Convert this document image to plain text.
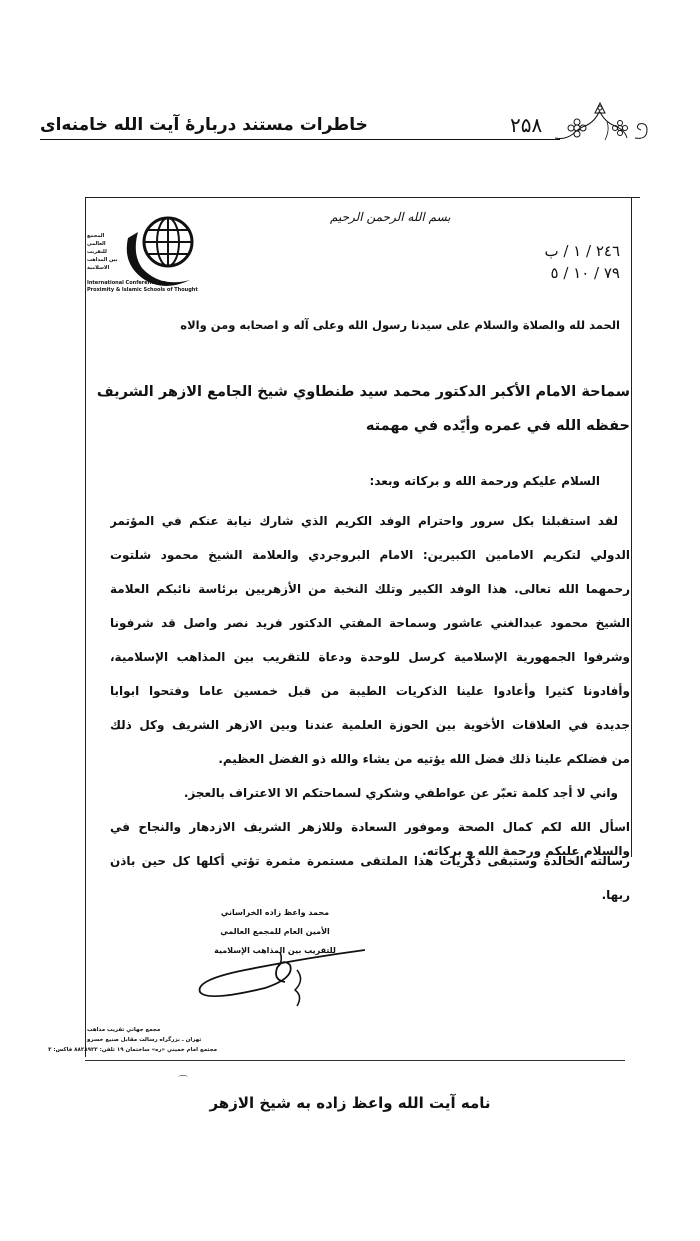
خاطرات مستند دربارهٔ آیت الله خامنه‌ای	۲۵۸
المجمع
العالمي
للتقريب
بين المذاهب
الاسلامية
International Conference on
Proximity & Islamic Schools of Thought
بسم الله الرحمن الرحيم
٢٤٦ / ١ / ب
٧٩ / ١٠ / ٥
الحمد لله والصلاة والسلام على سيدنا رسول الله وعلى آله و اصحابه ومن والاه
سماحة الامام الأكبر الدكتور محمد سيد طنطاوي شيخ الجامع الازهر الشريف
حفظه الله في عمره وأيّده في مهمته
السلام عليكم ورحمة الله و بركاته وبعد:
لقد استقبلنا بكل سرور واحترام الوفد الكريم الذي شارك نيابة عنكم في المؤتمر
الدولي لتكريم الامامين الكبيرين: الامام البروجردي والعلامة الشيخ محمود شلتوت
رحمهما الله تعالى. هذا الوفد الكبير وتلك النخبة من الأزهريين برئاسة نائبكم العلامة
الشيخ محمود عبدالغني عاشور وسماحة المفتي الدكتور فريد نصر واصل قد شرفونا
وشرفوا الجمهورية الإسلامية كرسل للوحدة ودعاة للتقريب بين المذاهب الإسلامية،
وأفادونا كثيرا وأعادوا علينا الذكريات الطيبة من قبل خمسين عاما وفتحوا ابوابا
جديدة في العلاقات الأخوية بين الحوزة العلمية عندنا وبين الازهر الشريف وكل ذلك
من فضلكم علينا ذلك فضل الله يؤتيه من يشاء والله ذو الفضل العظيم.
واني لا أجد كلمة تعبّر عن عواطفي وشكري لسماحتكم الا الاعتراف بالعجز.
اسأل الله لكم كمال الصحة وموفور السعادة وللازهر الشريف الازدهار والنجاح في
رسالته الخالدة وستبقى ذكريات هذا الملتقى مستمرة مثمرة تؤتي أكلها كل حين باذن
ربها.
والسلام عليكم ورحمة الله و بركاته.
محمد واعظ زاده الخراساني
الأمين العام للمجمع العالمي
للتقريب بين المذاهب الإسلامية
مجمع جهاني تقريب مذاهب
تهران ـ بزرگراه رسالت مقابل صنيع خسرو
مجتمع امام خميني «ره» ساختمان ١٩ تلفن: ٨٨٢٨٩٢٣ فاكس: ٣
⌒
نامه آیت الله واعظ زاده به شیخ الازهر
